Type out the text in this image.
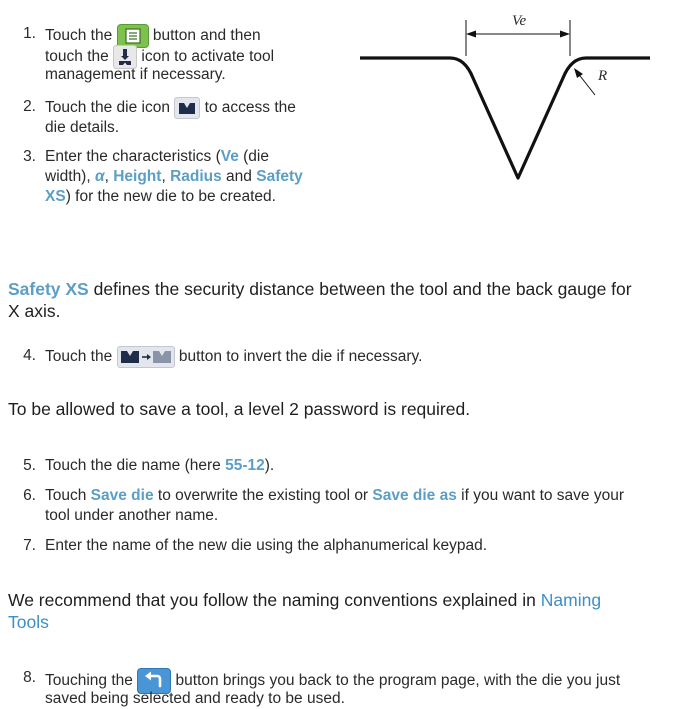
1. Touch the	button and then
touch the icon to activate tool
management if necessary.
2. Touch the die icon to access the
die details.
3. Enter the characteristics (Ve (die
width), α, Height, Radius and Safety
XS) for the new die to be created.
Ve
R
Safety XS defines the security distance between the tool and the back gauge for
X axis.
4. Touch the	button to invert the die if necessary.
To be allowed to save a tool, a level 2 password is required.
5. Touch the die name (here 55-12).
6. Touch Save die to overwrite the existing tool or Save die as if you want to save your
tool under another name.
7. Enter the name of the new die using the alphanumerical keypad.
We recommend that you follow the naming conventions explained in Naming
Tools
8. Touching the	button brings you back to the program page, with the die you just
saved being selected and ready to be used.
